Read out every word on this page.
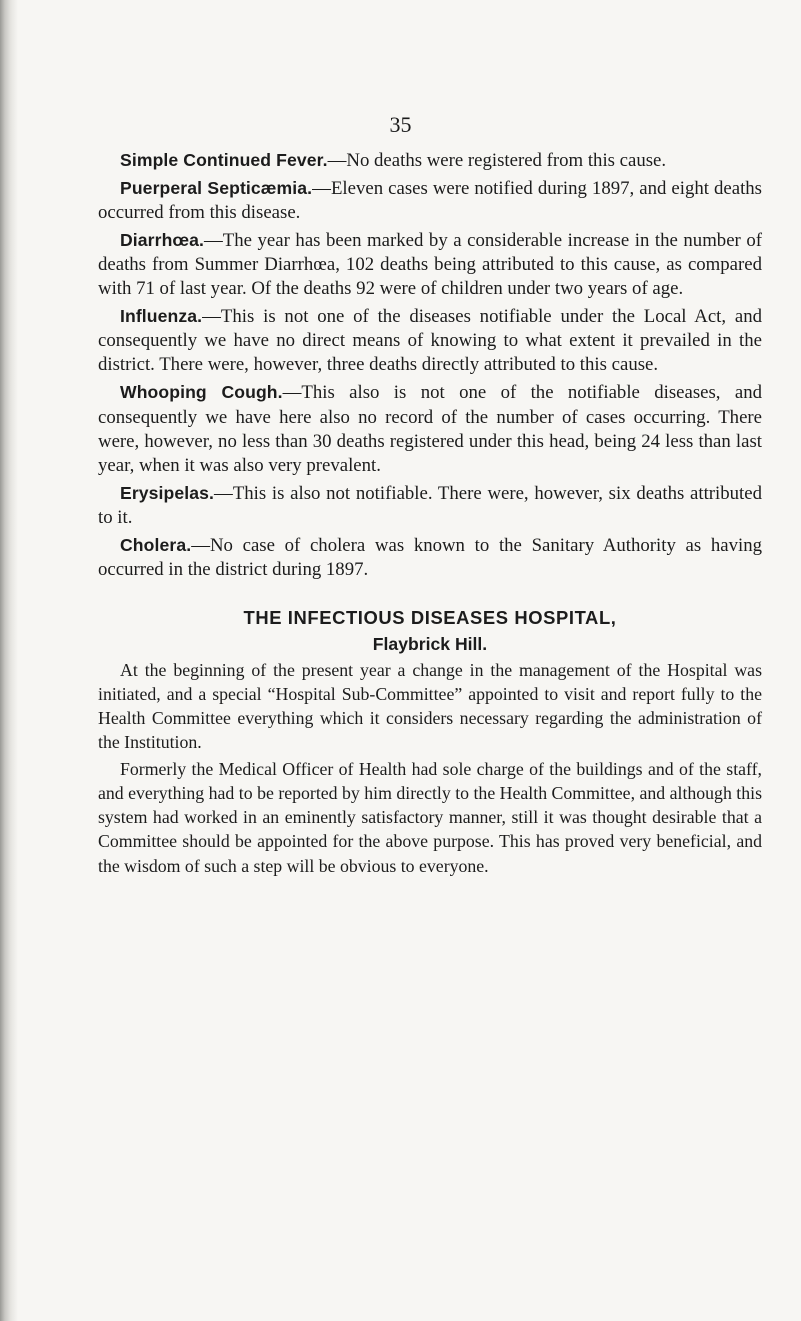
35

Simple Continued Fever.—No deaths were registered from this cause.

Puerperal Septicæmia.—Eleven cases were notified during 1897, and eight deaths occurred from this disease.

Diarrhœa.—The year has been marked by a considerable increase in the number of deaths from Summer Diarrhœa, 102 deaths being attributed to this cause, as compared with 71 of last year. Of the deaths 92 were of children under two years of age.

Influenza.—This is not one of the diseases notifiable under the Local Act, and consequently we have no direct means of knowing to what extent it prevailed in the district. There were, however, three deaths directly attributed to this cause.

Whooping Cough.—This also is not one of the notifiable diseases, and consequently we have here also no record of the number of cases occurring. There were, however, no less than 30 deaths registered under this head, being 24 less than last year, when it was also very prevalent.

Erysipelas.—This is also not notifiable. There were, however, six deaths attributed to it.

Cholera.—No case of cholera was known to the Sanitary Authority as having occurred in the district during 1897.

THE INFECTIOUS DISEASES HOSPITAL,
Flaybrick Hill.

At the beginning of the present year a change in the management of the Hospital was initiated, and a special “Hospital Sub-Committee” appointed to visit and report fully to the Health Committee everything which it considers necessary regarding the administration of the Institution.

Formerly the Medical Officer of Health had sole charge of the buildings and of the staff, and everything had to be reported by him directly to the Health Committee, and although this system had worked in an eminently satisfactory manner, still it was thought desirable that a Committee should be appointed for the above purpose. This has proved very beneficial, and the wisdom of such a step will be obvious to everyone.
